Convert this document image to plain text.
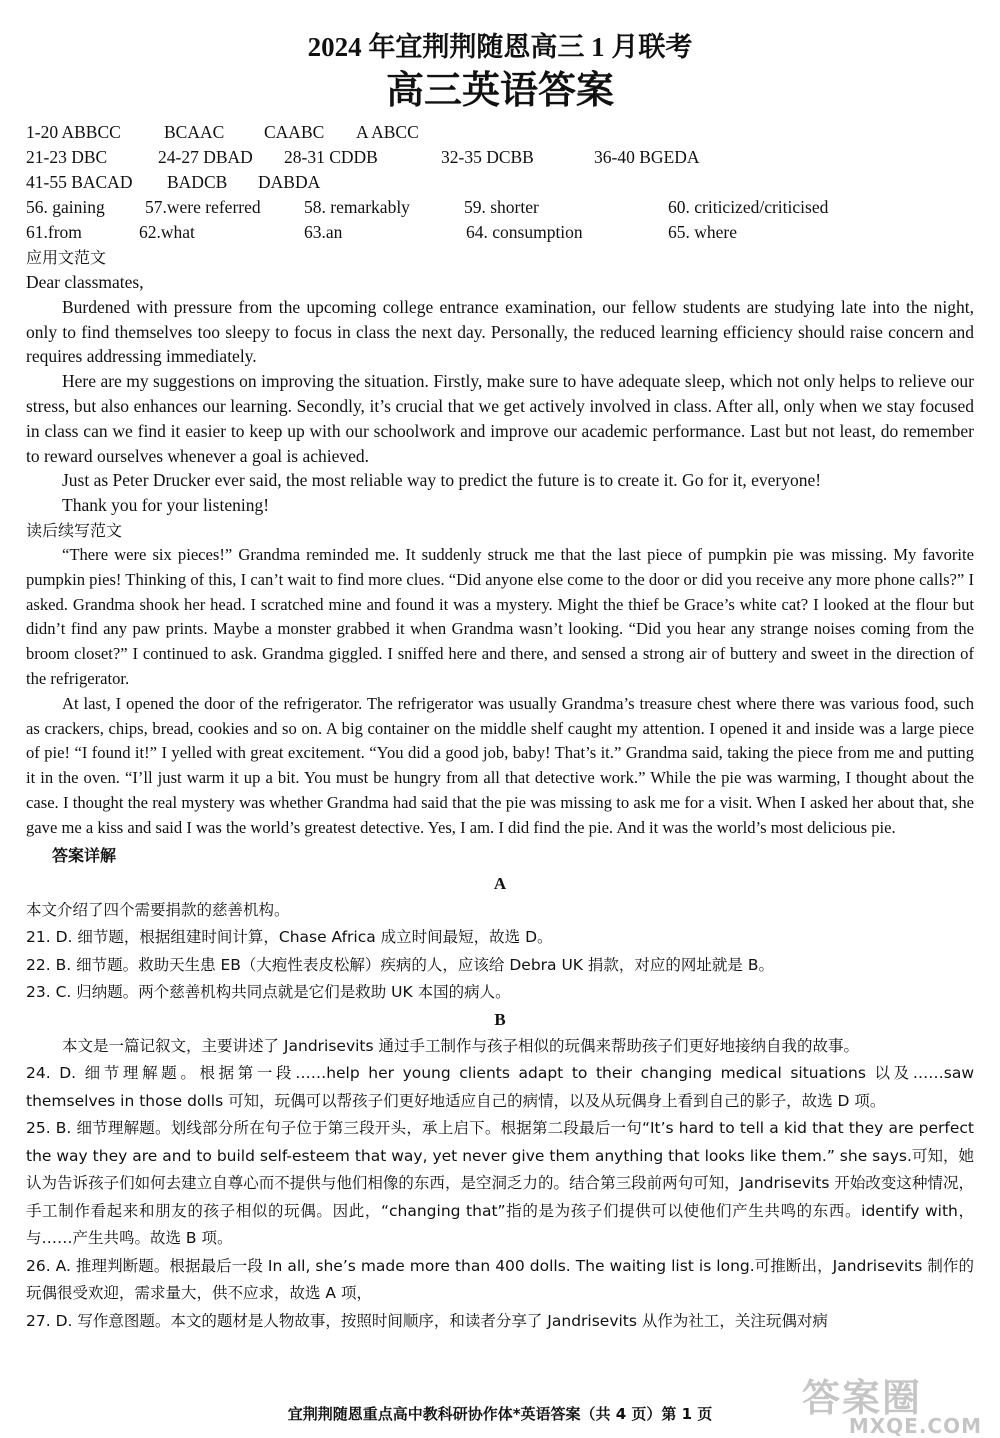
2024 年宜荆荆随恩高三 1 月联考
高三英语答案
1-20 ABBCC BCAAC CAABC A ABCC
21-23 DBC	24-27 DBAD 28-31 CDDB	32-35 DCBB	36-40 BGEDA
41-55 BACAD BADCB DABDA
56. gaining 57.were referred 58. remarkably	59. shorter	60. criticized/criticised
61.from	62.what	63.an	64. consumption	65. where
应用文范文

Dear classmates,

Burdened with pressure from the upcoming college entrance examination, our fellow students are studying late into the night, only to find themselves too sleepy to focus in class the next day. Personally, the reduced learning efficiency should raise concern and requires addressing immediately.

Here are my suggestions on improving the situation. Firstly, make sure to have adequate sleep, which not only helps to relieve our stress, but also enhances our learning. Secondly, it’s crucial that we get actively involved in class. After all, only when we stay focused in class can we find it easier to keep up with our schoolwork and improve our academic performance. Last but not least, do remember to reward ourselves whenever a goal is achieved.

Just as Peter Drucker ever said, the most reliable way to predict the future is to create it. Go for it, everyone!

Thank you for your listening!

读后续写范文

“There were six pieces!” Grandma reminded me. It suddenly struck me that the last piece of pumpkin pie was missing. My favorite pumpkin pies! Thinking of this, I can’t wait to find more clues. “Did anyone else come to the door or did you receive any more phone calls?” I asked. Grandma shook her head. I scratched mine and found it was a mystery. Might the thief be Grace’s white cat? I looked at the flour but didn’t find any paw prints. Maybe a monster grabbed it when Grandma wasn’t looking. “Did you hear any strange noises coming from the broom closet?” I continued to ask. Grandma giggled. I sniffed here and there, and sensed a strong air of buttery and sweet in the direction of the refrigerator.

At last, I opened the door of the refrigerator. The refrigerator was usually Grandma’s treasure chest where there was various food, such as crackers, chips, bread, cookies and so on. A big container on the middle shelf caught my attention. I opened it and inside was a large piece of pie! “I found it!” I yelled with great excitement. “You did a good job, baby! That’s it.” Grandma said, taking the piece from me and putting it in the oven. “I’ll just warm it up a bit. You must be hungry from all that detective work.” While the pie was warming, I thought about the case. I thought the real mystery was whether Grandma had said that the pie was missing to ask me for a visit. When I asked her about that, she gave me a kiss and said I was the world’s greatest detective. Yes, I am. I did find the pie. And it was the world’s most delicious pie.

答案详解
A

本文介绍了四个需要捐款的慈善机构。

21. D. 细节题，根据组建时间计算，Chase Africa 成立时间最短，故选 D。

22. B. 细节题。救助天生患 EB（大疱性表皮松解）疾病的人，应该给 Debra UK 捐款，对应的网址就是 B。

23. C. 归纳题。两个慈善机构共同点就是它们是救助 UK 本国的病人。

B

本文是一篇记叙文，主要讲述了 Jandrisevits 通过手工制作与孩子相似的玩偶来帮助孩子们更好地接纳自我的故事。

24. D. 细节理解题。根据第一段……help her young clients adapt to their changing medical situations 以及……saw themselves in those dolls 可知，玩偶可以帮孩子们更好地适应自己的病情，以及从玩偶身上看到自己的影子，故选 D 项。

25. B. 细节理解题。划线部分所在句子位于第三段开头，承上启下。根据第二段最后一句“It’s hard to tell a kid that they are perfect the way they are and to build self-esteem that way, yet never give them anything that looks like them.” she says.可知，她认为告诉孩子们如何去建立自尊心而不提供与他们相像的东西，是空洞乏力的。结合第三段前两句可知，Jandrisevits 开始改变这种情况，手工制作看起来和朋友的孩子相似的玩偶。因此，“changing that”指的是为孩子们提供可以使他们产生共鸣的东西。identify with，与……产生共鸣。故选 B 项。

26. A. 推理判断题。根据最后一段 In all, she’s made more than 400 dolls. The waiting list is long.可推断出，Jandrisevits 制作的玩偶很受欢迎，需求量大，供不应求，故选 A 项，

27. D. 写作意图题。本文的题材是人物故事，按照时间顺序，和读者分享了 Jandrisevits 从作为社工，关注玩偶对病

宜荆荆随恩重点高中教科研协作体*英语答案（共 4 页）第 1 页	答案圈
MXQE.COM
